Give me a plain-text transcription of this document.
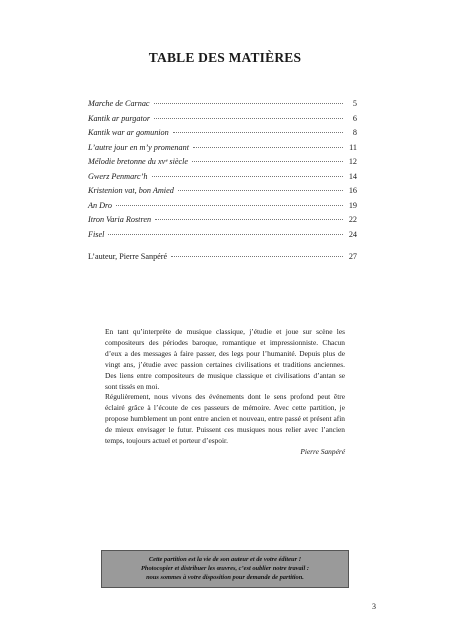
TABLE DES MATIÈRES
Marche de Carnac	5
Kantik ar purgator	6
Kantik war ar gomunion	8
L’autre jour en m’y promenant	11
Mélodie bretonne du xvᵉ siècle	12
Gwerz Penmarc’h	14
Kristenion vat, bon Amied	16
An Dro	19
Itron Varia Rostren	22
Fisel	24
L’auteur, Pierre Sanpéré	27

En tant qu’interprète de musique classique, j’étudie et joue sur scène les compositeurs des périodes baroque, romantique et impressionniste. Chacun d’eux a des messages à faire passer, des legs pour l’humanité. Depuis plus de vingt ans, j’étudie avec passion certaines civilisations et traditions anciennes. Des liens entre compositeurs de musique classique et civilisations d’antan se sont tissés en moi.

Régulièrement, nous vivons des événements dont le sens profond peut être éclairé grâce à l’écoute de ces passeurs de mémoire. Avec cette partition, je propose humblement un pont entre ancien et nouveau, entre passé et présent afin de mieux envisager le futur. Puissent ces musiques nous relier avec l’ancien temps, toujours actuel et porteur d’espoir.

Pierre Sanpéré

Cette partition est la vie de son auteur et de votre éditeur !
Photocopier et distribuer les œuvres, c’est oublier notre travail :
nous sommes à votre disposition pour demande de partition.
3
